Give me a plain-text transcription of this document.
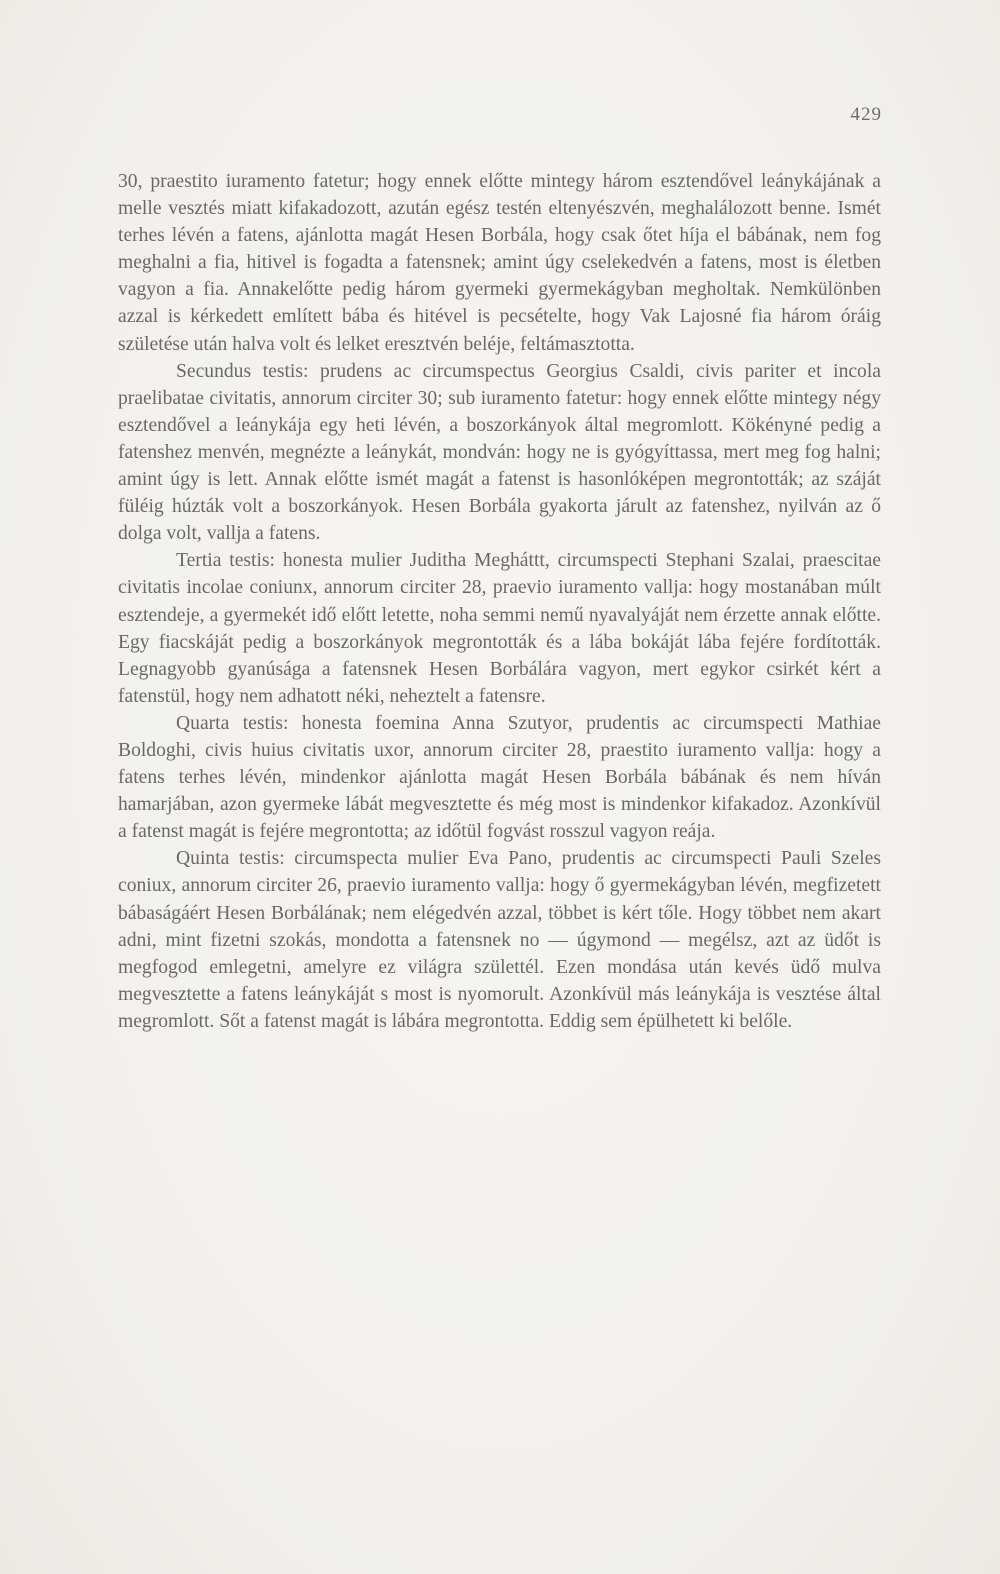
429

30, praestito iuramento fatetur; hogy ennek előtte mintegy három esztendővel leánykájának a melle vesztés miatt kifakadozott, azután egész testén eltenyészvén, meghalálozott benne. Ismét terhes lévén a fatens, ajánlotta magát Hesen Borbála, hogy csak őtet híja el bábának, nem fog meghalni a fia, hitivel is fogadta a fatensnek; amint úgy cselekedvén a fatens, most is életben vagyon a fia. Annakelőtte pedig három gyermeki gyermekágyban megholtak. Nemkülönben azzal is kérkedett említett bába és hitével is pecsételte, hogy Vak Lajosné fia három óráig születése után halva volt és lelket eresztvén beléje, feltámasztotta.

Secundus testis: prudens ac circumspectus Georgius Csaldi, civis pariter et incola praelibatae civitatis, annorum circiter 30; sub iuramento fatetur: hogy ennek előtte mintegy négy esztendővel a leánykája egy heti lévén, a boszorkányok által megromlott. Kökényné pedig a fatenshez menvén, megnézte a leánykát, mondván: hogy ne is gyógyíttassa, mert meg fog halni; amint úgy is lett. Annak előtte ismét magát a fatenst is hasonlóképen megrontották; az száját füléig húzták volt a boszorkányok. Hesen Borbála gyakorta járult az fatenshez, nyilván az ő dolga volt, vallja a fatens.

Tertia testis: honesta mulier Juditha Megháttt, circumspecti Stephani Szalai, praescitae civitatis incolae coniunx, annorum circiter 28, praevio iuramento vallja: hogy mostanában múlt esztendeje, a gyermekét idő előtt letette, noha semmi nemű nyavalyáját nem érzette annak előtte. Egy fiacskáját pedig a boszorkányok megrontották és a lába bokáját lába fejére fordították. Legnagyobb gyanúsága a fatensnek Hesen Borbálára vagyon, mert egykor csirkét kért a fatenstül, hogy nem adhatott néki, neheztelt a fatensre.

Quarta testis: honesta foemina Anna Szutyor, prudentis ac circumspecti Mathiae Boldoghi, civis huius civitatis uxor, annorum circiter 28, praestito iuramento vallja: hogy a fatens terhes lévén, mindenkor ajánlotta magát Hesen Borbála bábának és nem híván hamarjában, azon gyermeke lábát megvesztette és még most is mindenkor kifakadoz. Azonkívül a fatenst magát is fejére megrontotta; az időtül fogvást rosszul vagyon reája.

Quinta testis: circumspecta mulier Eva Pano, prudentis ac circumspecti Pauli Szeles coniux, annorum circiter 26, praevio iuramento vallja: hogy ő gyermekágyban lévén, megfizetett bábaságáért Hesen Borbálának; nem elégedvén azzal, többet is kért tőle. Hogy többet nem akart adni, mint fizetni szokás, mondotta a fatensnek no — úgymond — megélsz, azt az üdőt is megfogod emlegetni, amelyre ez világra születtél. Ezen mondása után kevés üdő mulva megvesztette a fatens leánykáját s most is nyomorult. Azonkívül más leánykája is vesztése által megromlott. Sőt a fatenst magát is lábára megrontotta. Eddig sem épülhetett ki belőle.
